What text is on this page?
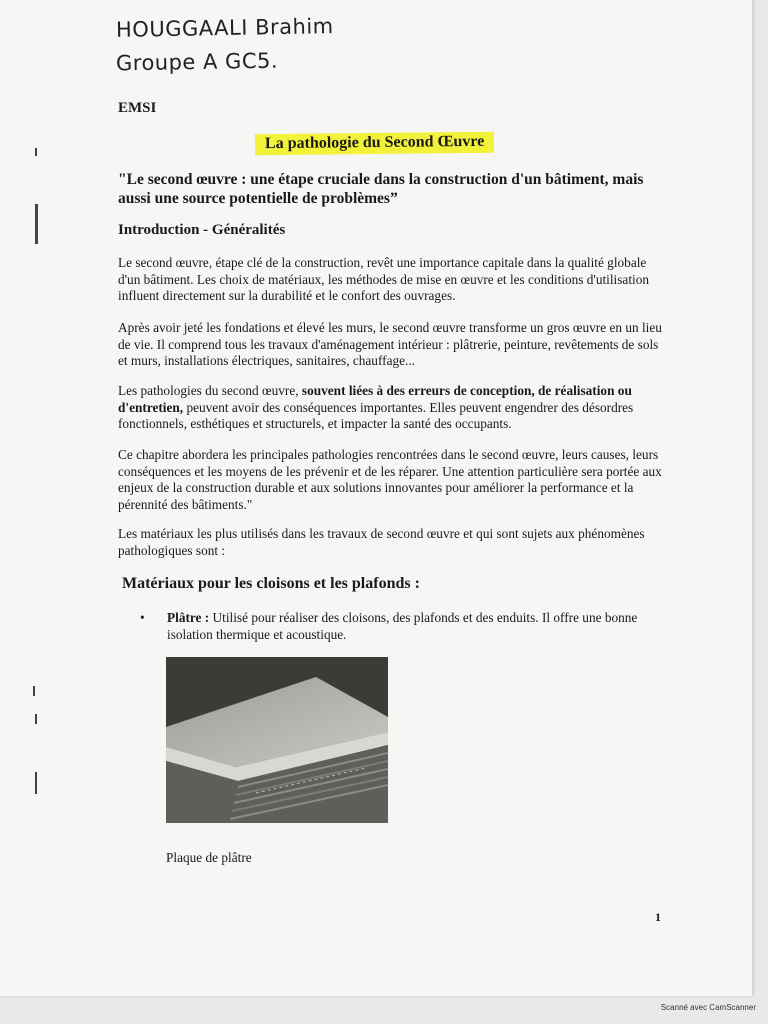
HOUGGAALI Brahim
Groupe A GC5.
EMSI
La pathologie du Second Œuvre
"Le second œuvre : une étape cruciale dans la construction d'un bâtiment, mais aussi une source potentielle de problèmes”
Introduction - Généralités
Le second œuvre, étape clé de la construction, revêt une importance capitale dans la qualité globale d'un bâtiment. Les choix de matériaux, les méthodes de mise en œuvre et les conditions d'utilisation influent directement sur la durabilité et le confort des ouvrages.
Après avoir jeté les fondations et élevé les murs, le second œuvre transforme un gros œuvre en un lieu de vie. Il comprend tous les travaux d'aménagement intérieur : plâtrerie, peinture, revêtements de sols et murs, installations électriques, sanitaires, chauffage...
Les pathologies du second œuvre, souvent liées à des erreurs de conception, de réalisation ou d'entretien, peuvent avoir des conséquences importantes. Elles peuvent engendrer des désordres fonctionnels, esthétiques et structurels, et impacter la santé des occupants.
Ce chapitre abordera les principales pathologies rencontrées dans le second œuvre, leurs causes, leurs conséquences et les moyens de les prévenir et de les réparer. Une attention particulière sera portée aux enjeux de la construction durable et aux solutions innovantes pour améliorer la performance et la pérennité des bâtiments."
Les matériaux les plus utilisés dans les travaux de second œuvre et qui sont sujets aux phénomènes pathologiques sont :
Matériaux pour les cloisons et les plafonds :
• Plâtre : Utilisé pour réaliser des cloisons, des plafonds et des enduits. Il offre une bonne isolation thermique et acoustique.
Plaque de plâtre
1
Scanné avec CamScanner
